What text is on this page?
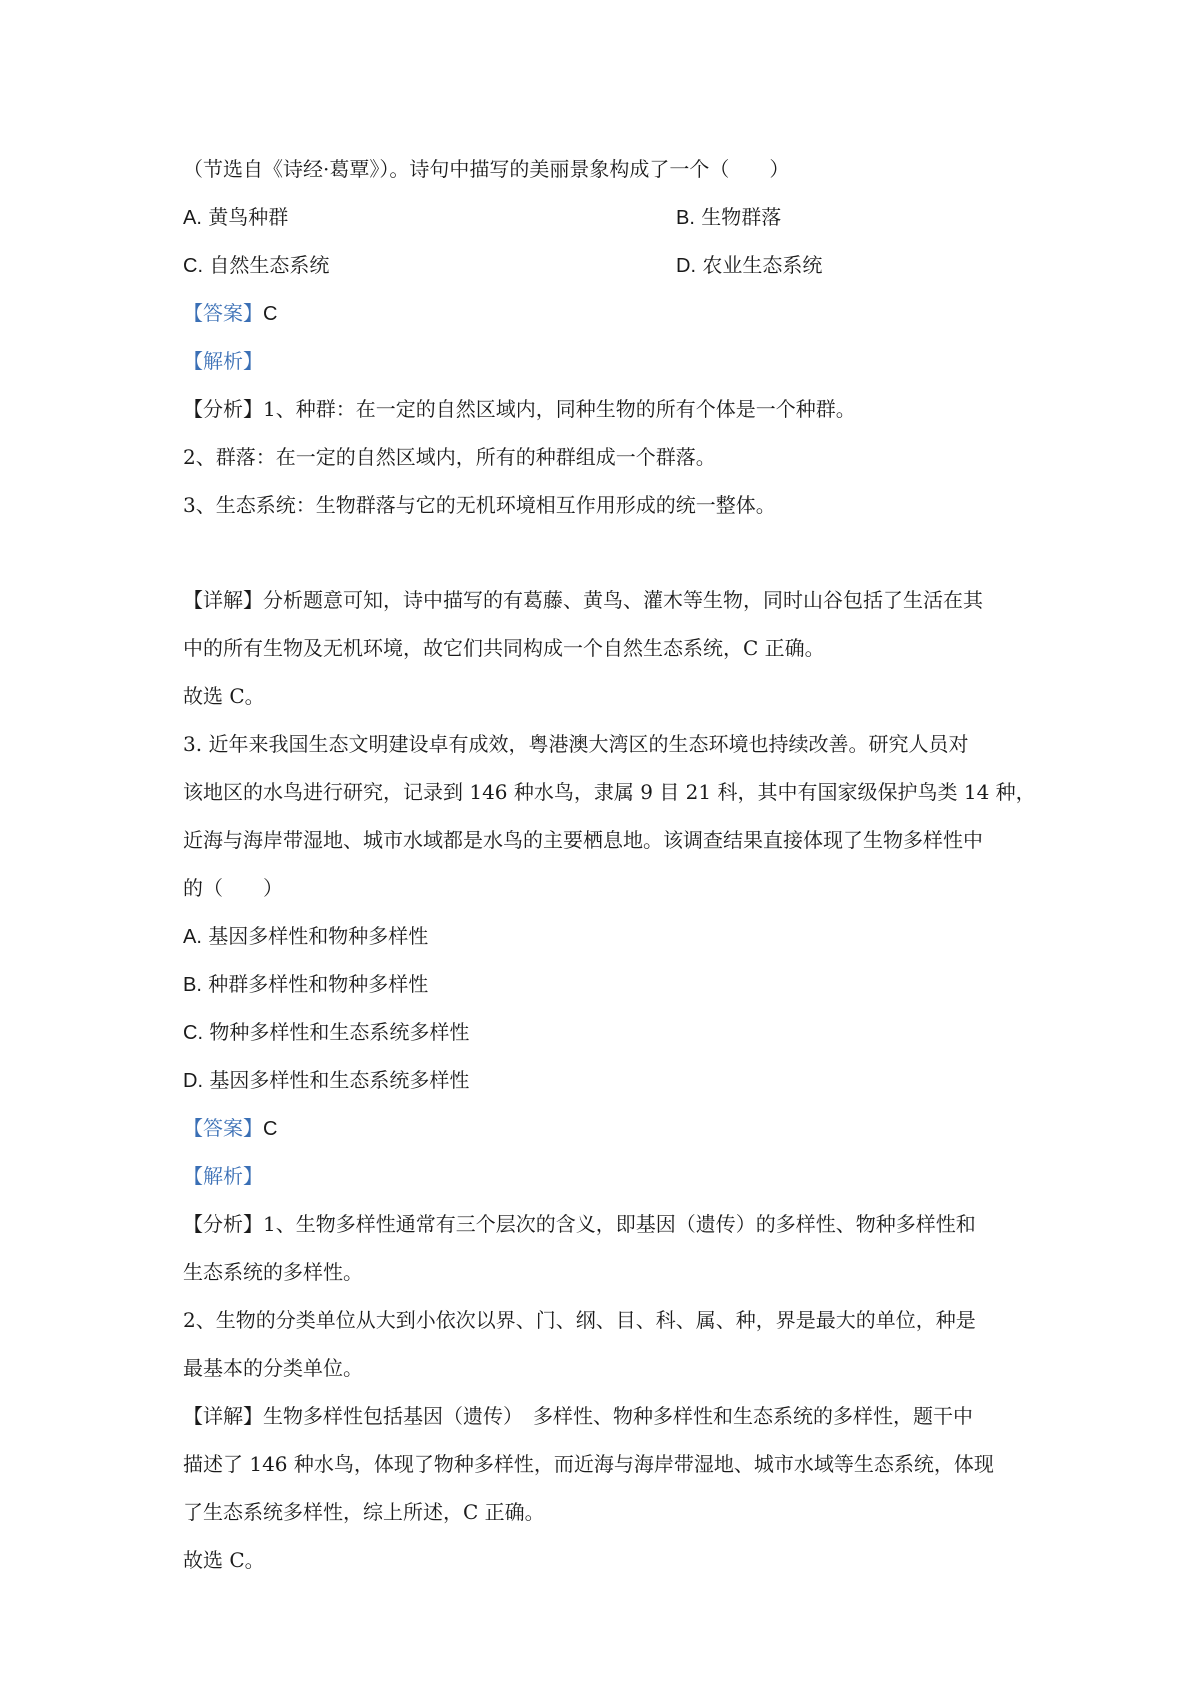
（节选自《诗经·葛覃》）。诗句中描写的美丽景象构成了一个（　　）
A. 黄鸟种群	B. 生物群落
C. 自然生态系统	D. 农业生态系统
【答案】C
【解析】
【分析】1、种群：在一定的自然区域内，同种生物的所有个体是一个种群。
2、群落：在一定的自然区域内，所有的种群组成一个群落。
3、生态系统：生物群落与它的无机环境相互作用形成的统一整体。
【详解】分析题意可知，诗中描写的有葛藤、黄鸟、灌木等生物，同时山谷包括了生活在其
中的所有生物及无机环境，故它们共同构成一个自然生态系统，C 正确。
故选 C。
3. 近年来我国生态文明建设卓有成效，粤港澳大湾区的生态环境也持续改善。研究人员对
该地区的水鸟进行研究，记录到 146 种水鸟，隶属 9 目 21 科，其中有国家级保护鸟类 14 种，
近海与海岸带湿地、城市水域都是水鸟的主要栖息地。该调查结果直接体现了生物多样性中
的（　　）
A. 基因多样性和物种多样性
B. 种群多样性和物种多样性
C. 物种多样性和生态系统多样性
D. 基因多样性和生态系统多样性
【答案】C
【解析】
【分析】1、生物多样性通常有三个层次的含义，即基因（遗传）的多样性、物种多样性和
生态系统的多样性。
2、生物的分类单位从大到小依次以界、门、纲、目、科、属、种，界是最大的单位，种是
最基本的分类单位。
【详解】生物多样性包括基因（遗传）　多样性、物种多样性和生态系统的多样性，题干中
描述了 146 种水鸟，体现了物种多样性，而近海与海岸带湿地、城市水域等生态系统，体现
了生态系统多样性，综上所述，C 正确。
故选 C。
